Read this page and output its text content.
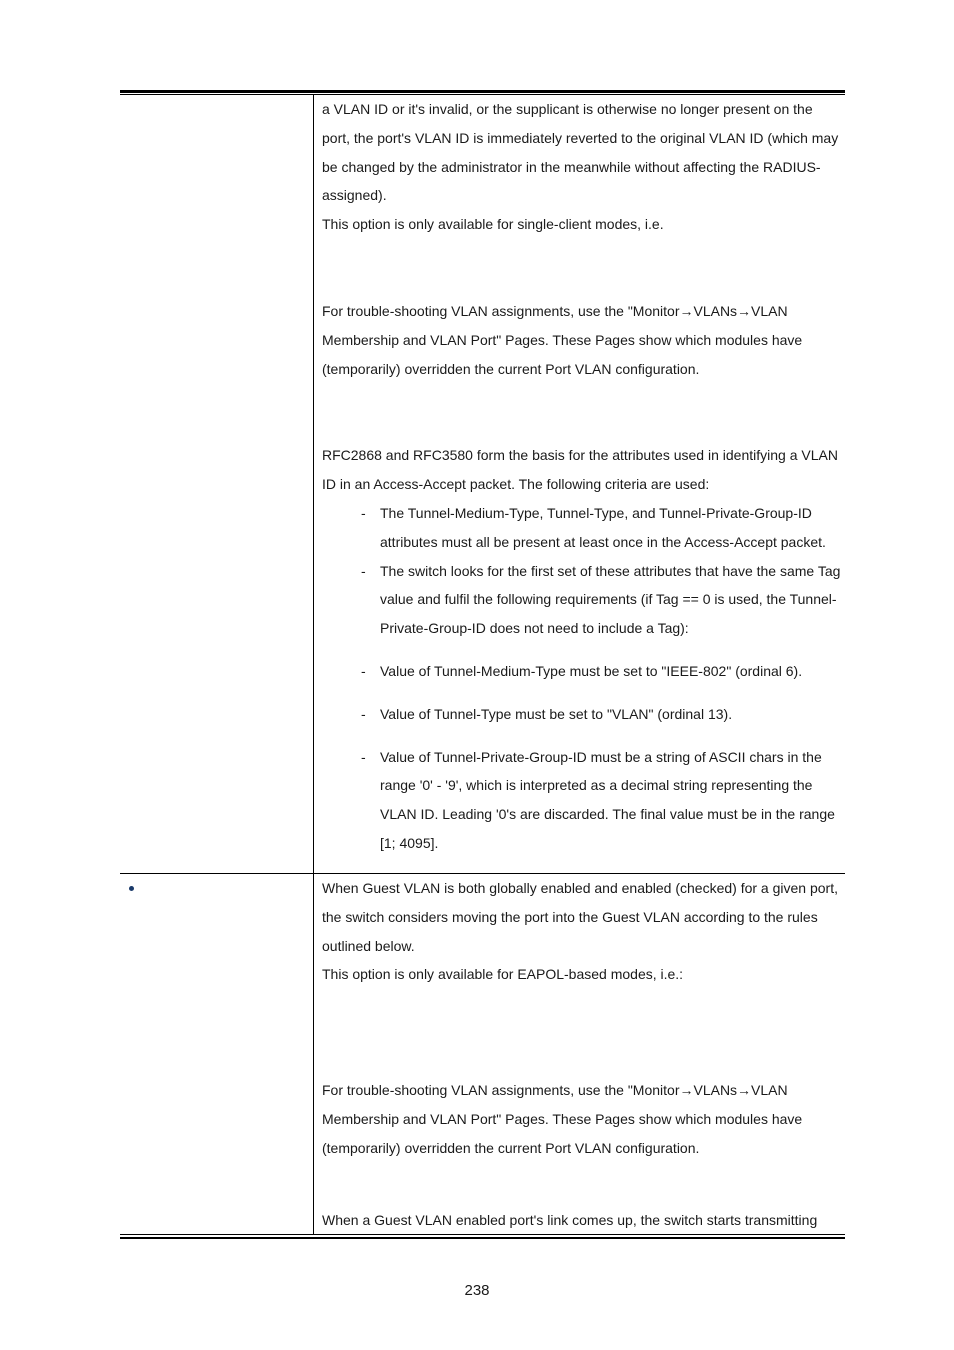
a VLAN ID or it's invalid, or the supplicant is otherwise no longer present on the port, the port's VLAN ID is immediately reverted to the original VLAN ID (which may be changed by the administrator in the meanwhile without affecting the RADIUS-assigned).

This option is only available for single-client modes, i.e.

For trouble-shooting VLAN assignments, use the "Monitor→VLANs→VLAN Membership and VLAN Port" Pages. These Pages show which modules have (temporarily) overridden the current Port VLAN configuration.

RFC2868 and RFC3580 form the basis for the attributes used in identifying a VLAN ID in an Access-Accept packet. The following criteria are used:

- The Tunnel-Medium-Type, Tunnel-Type, and Tunnel-Private-Group-ID attributes must all be present at least once in the Access-Accept packet.
- The switch looks for the first set of these attributes that have the same Tag value and fulfil the following requirements (if Tag == 0 is used, the Tunnel-Private-Group-ID does not need to include a Tag):
- Value of Tunnel-Medium-Type must be set to "IEEE-802" (ordinal 6).
- Value of Tunnel-Type must be set to "VLAN" (ordinal 13).
- Value of Tunnel-Private-Group-ID must be a string of ASCII chars in the range '0' - '9', which is interpreted as a decimal string representing the VLAN ID. Leading '0's are discarded. The final value must be in the range [1; 4095].

When Guest VLAN is both globally enabled and enabled (checked) for a given port, the switch considers moving the port into the Guest VLAN according to the rules outlined below.

This option is only available for EAPOL-based modes, i.e.:

For trouble-shooting VLAN assignments, use the "Monitor→VLANs→VLAN Membership and VLAN Port" Pages. These Pages show which modules have (temporarily) overridden the current Port VLAN configuration.

When a Guest VLAN enabled port's link comes up, the switch starts transmitting

238
